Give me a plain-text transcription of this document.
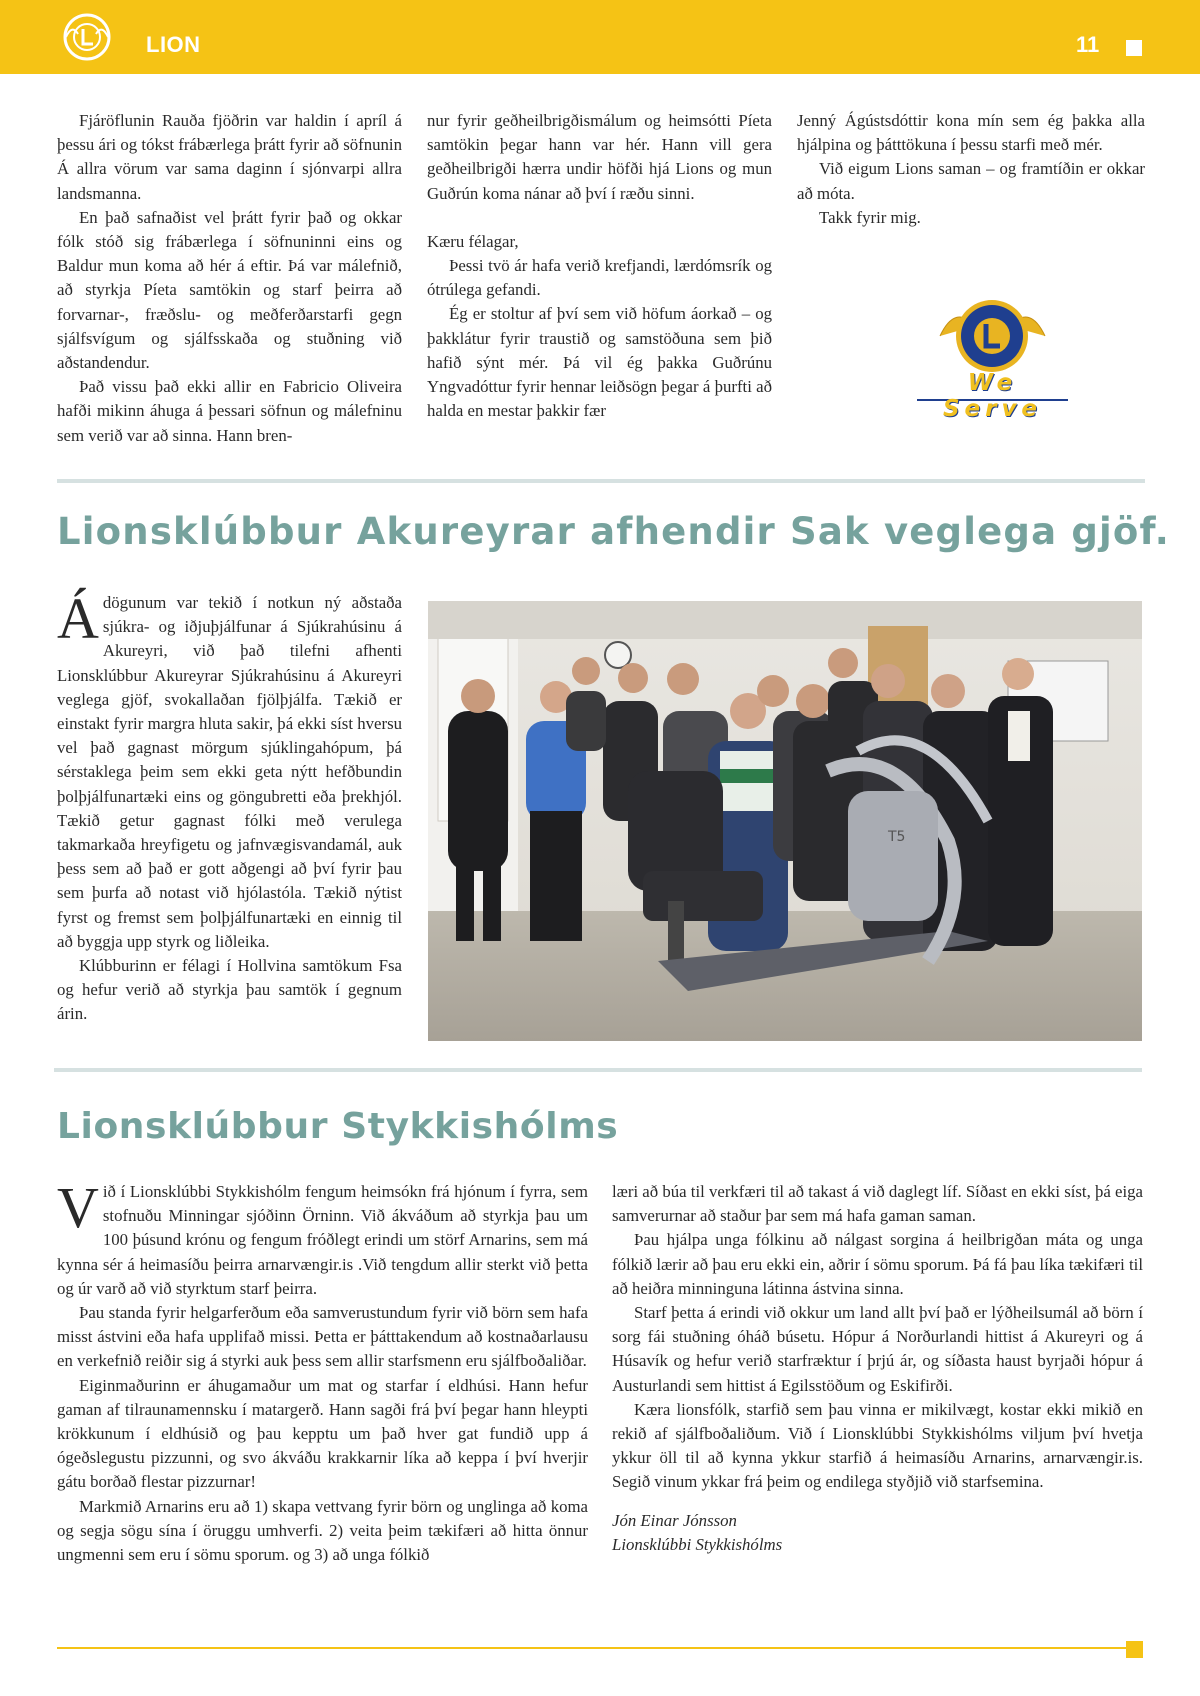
LION	11

Fjáröflunin Rauða fjöðrin var haldin í apríl á þessu ári og tókst frábærlega þrátt fyrir að söfnunin Á allra vörum var sama daginn í sjónvarpi allra landsmanna.

En það safnaðist vel þrátt fyrir það og okkar fólk stóð sig frábærlega í söfnuninni eins og Baldur mun koma að hér á eftir. Þá var málefnið, að styrkja Píeta samtökin og starf þeirra að forvarnar-, fræðslu- og meðferðarstarfi gegn sjálfsvígum og sjálfsskaða og stuðning við aðstandendur.

Það vissu það ekki allir en Fabricio Oliveira hafði mikinn áhuga á þessari söfnun og málefninu sem verið var að sinna. Hann bren-

nur fyrir geðheilbrigðismálum og heimsótti Píeta samtökin þegar hann var hér. Hann vill gera geðheilbrigði hærra undir höfði hjá Lions og mun Guðrún koma nánar að því í ræðu sinni.

Kæru félagar,

Þessi tvö ár hafa verið krefjandi, lærdómsrík og ótrúlega gefandi.

Ég er stoltur af því sem við höfum áorkað – og þakklátur fyrir traustið og samstöðuna sem þið hafið sýnt mér. Þá vil ég þakka Guðrúnu Yngvadóttur fyrir hennar leiðsögn þegar á þurfti að halda en mestar þakkir fær

Jenný Ágústsdóttir kona mín sem ég þakka alla hjálpina og þátttökuna í þessu starfi með mér.

Við eigum Lions saman – og framtíðin er okkar að móta.

Takk fyrir mig.

We Serve
Lionsklúbbur Akureyrar afhendir Sak veglega gjöf.

Ádögunum var tekið í notkun ný aðstaða sjúkra- og iðjuþjálfunar á Sjúkrahúsinu á Akureyri, við það tilefni afhenti Lionsklúbbur Akureyrar Sjúkrahúsinu á Akureyri veglega gjöf, svokallaðan fjölþjálfa. Tækið er einstakt fyrir margra hluta sakir, þá ekki síst hversu vel það gagnast mörgum sjúklingahópum, þá sérstaklega þeim sem ekki geta nýtt hefðbundin þolþjálfunartæki eins og göngubretti eða þrekhjól. Tækið getur gagnast fólki með verulega takmarkaða hreyfigetu og jafnvægisvandamál, auk þess sem að það er gott aðgengi að því fyrir þau sem þurfa að notast við hjólastóla. Tækið nýtist fyrst og fremst sem þolþjálfunartæki en einnig til að byggja upp styrk og liðleika.

Klúbburinn er félagi í Hollvina samtökum Fsa og hefur verið að styrkja þau samtök í gegnum árin.

T5
Lionsklúbbur Stykkishólms

Við í Lionsklúbbi Stykkishólm fengum heimsókn frá hjónum í fyrra, sem stofnuðu Minningar sjóðinn Örninn. Við ákváðum að styrkja þau um 100 þúsund krónu og fengum fróðlegt erindi um störf Arnarins, sem má kynna sér á heimasíðu þeirra arnarvængir.is .Við tengdum allir sterkt við þetta og úr varð að við styrktum starf þeirra.

Þau standa fyrir helgarferðum eða samverustundum fyrir við börn sem hafa misst ástvini eða hafa upplifað missi. Þetta er þátttakendum að kostnaðarlausu en verkefnið reiðir sig á styrki auk þess sem allir starfsmenn eru sjálfboðaliðar.

Eiginmaðurinn er áhugamaður um mat og starfar í eldhúsi. Hann hefur gaman af tilraunamennsku í matargerð. Hann sagði frá því þegar hann hleypti krökkunum í eldhúsið og þau kepptu um það hver gat fundið upp á ógeðslegustu pizzunni, og svo ákváðu krakkarnir líka að keppa í því hverjir gátu borðað flestar pizzurnar!

Markmið Arnarins eru að 1) skapa vettvang fyrir börn og unglinga að koma og segja sögu sína í öruggu umhverfi. 2) veita þeim tækifæri að hitta önnur ungmenni sem eru í sömu sporum. og 3) að unga fólkið

læri að búa til verkfæri til að takast á við daglegt líf. Síðast en ekki síst, þá eiga samverurnar að staður þar sem má hafa gaman saman.

Þau hjálpa unga fólkinu að nálgast sorgina á heilbrigðan máta og unga fólkið lærir að þau eru ekki ein, aðrir í sömu sporum. Þá fá þau líka tækifæri til að heiðra minninguna látinna ástvina sinna.

Starf þetta á erindi við okkur um land allt því það er lýðheilsumál að börn í sorg fái stuðning óháð búsetu. Hópur á Norðurlandi hittist á Akureyri og á Húsavík og hefur verið starfræktur í þrjú ár, og síðasta haust byrjaði hópur á Austurlandi sem hittist á Egilsstöðum og Eskifirði.

Kæra lionsfólk, starfið sem þau vinna er mikilvægt, kostar ekki mikið en rekið af sjálfboðaliðum. Við í Lionsklúbbi Stykkishólms viljum því hvetja ykkur öll til að kynna ykkur starfið á heimasíðu Arnarins, arnarvængir.is. Segið vinum ykkar frá þeim og endilega styðjið við starfsemina.

Jón Einar Jónsson

Lionsklúbbi Stykkishólms
